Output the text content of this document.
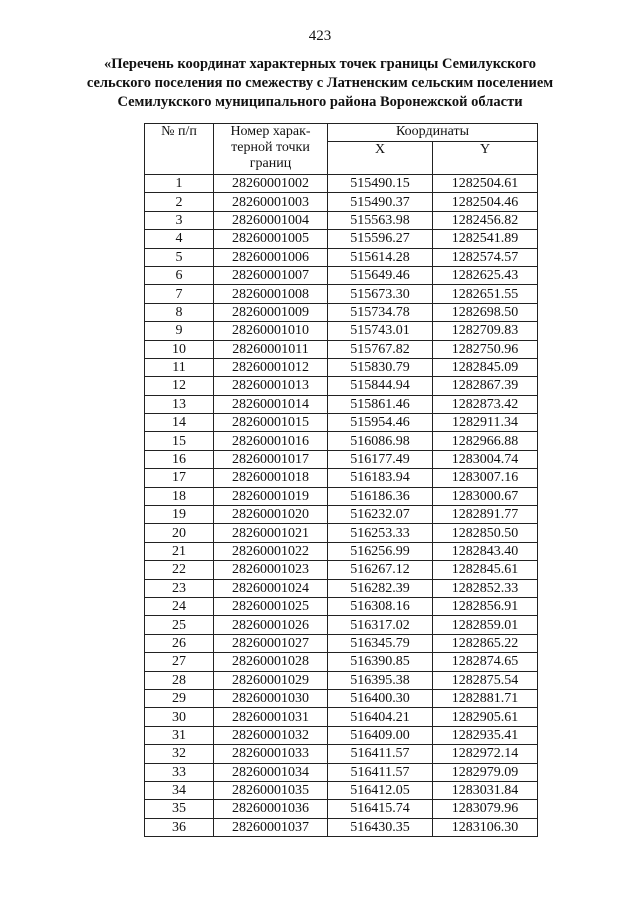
423
«Перечень координат характерных точек границы Семилукского
сельского поселения по смежеству с Латненским сельским поселением
Семилукского муниципального района Воронежской области
№ п/п	Номер харак-терной точки границ	Координаты	
		X	Y
1	28260001002	515490.15	1282504.61
2	28260001003	515490.37	1282504.46
3	28260001004	515563.98	1282456.82
4	28260001005	515596.27	1282541.89
5	28260001006	515614.28	1282574.57
6	28260001007	515649.46	1282625.43
7	28260001008	515673.30	1282651.55
8	28260001009	515734.78	1282698.50
9	28260001010	515743.01	1282709.83
10	28260001011	515767.82	1282750.96
11	28260001012	515830.79	1282845.09
12	28260001013	515844.94	1282867.39
13	28260001014	515861.46	1282873.42
14	28260001015	515954.46	1282911.34
15	28260001016	516086.98	1282966.88
16	28260001017	516177.49	1283004.74
17	28260001018	516183.94	1283007.16
18	28260001019	516186.36	1283000.67
19	28260001020	516232.07	1282891.77
20	28260001021	516253.33	1282850.50
21	28260001022	516256.99	1282843.40
22	28260001023	516267.12	1282845.61
23	28260001024	516282.39	1282852.33
24	28260001025	516308.16	1282856.91
25	28260001026	516317.02	1282859.01
26	28260001027	516345.79	1282865.22
27	28260001028	516390.85	1282874.65
28	28260001029	516395.38	1282875.54
29	28260001030	516400.30	1282881.71
30	28260001031	516404.21	1282905.61
31	28260001032	516409.00	1282935.41
32	28260001033	516411.57	1282972.14
33	28260001034	516411.57	1282979.09
34	28260001035	516412.05	1283031.84
35	28260001036	516415.74	1283079.96
36	28260001037	516430.35	1283106.30
